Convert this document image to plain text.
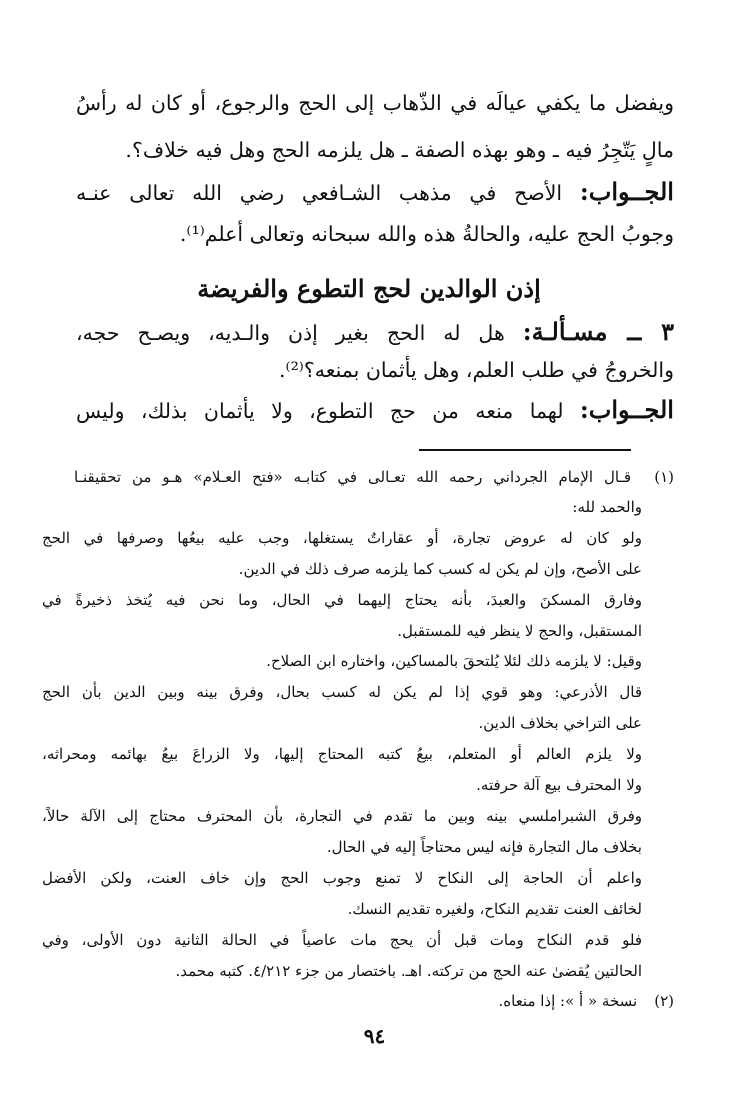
ويفضل ما يكفي عيالَه في الذّهاب إلى الحج والرجوع، أو كان له رأسُ
مالٍ يَتّجِرُ فيه ـ وهو بهذه الصفة ـ هل يلزمه الحج وهل فيه خلاف؟.
الجــواب: الأصح في مذهب الشـافعي رضي الله تعالى عنـه
وجوبُ الحج عليه، والحالةُ هذه والله سبحانه وتعالى أعلم⁽¹⁾.
إذن الوالدين لحج التطوع والفريضة
٣ ــ مسـألـة: هل له الحج بغير إذن والـديه، ويصـح حجه،
والخروجُ في طلب العلم، وهل يأثمان بمنعه؟⁽²⁾.
الجــواب: لهما منعه من حج التطوع، ولا يأثمان بذلك، وليس
(١) قـال الإمام الجرداني رحمه الله تعـالى في كتابـه «فتح العـلام» هـو من تحقيقنـا
والحمد لله:
ولو كان له عروض تجارة، أو عقاراتٌ يستغلها، وجب عليه بيعُها وصرفها في الحج
على الأصح، وإن لم يكن له كسب كما يلزمه صرف ذلك في الدين.
وفارق المسكنَ والعبدَ، بأنه يحتاج إليهما في الحال، وما نحن فيه يُتخذ ذخيرةً في
المستقبل، والحج لا ينظر فيه للمستقبل.
وقيل: لا يلزمه ذلك لئلا يُلتحقَ بالمساكين، واختاره ابن الصلاح.
قال الأذرعي: وهو قوي إذا لم يكن له كسب بحال، وفرق بينه وبين الدين بأن الحج
على التراخي بخلاف الدين.
ولا يلزم العالم أو المتعلم، بيعُ كتبه المحتاج إليها، ولا الزراعَ بيعُ بهائمه ومحراثه،
ولا المحترف بيع آلة حرفته.
وفرق الشبراملسي بينه وبين ما تقدم في التجارة، بأن المحترف محتاج إلى الآلة حالاً،
بخلاف مال التجارة فإنه ليس محتاجاً إليه في الحال.
واعلم أن الحاجة إلى النكاح لا تمنع وجوب الحج وإن خاف العنت، ولكن الأفضل
لخائف العنت تقديم النكاح، ولغيره تقديم النسك.
فلو قدم النكاح ومات قبل أن يحج مات عاصياً في الحالة الثانية دون الأولى، وفي
الحالتين يُقضىٰ عنه الحج من تركته. اهـ. باختصار من جزء ٤/٢١٢. كتبه محمد.
(٢) نسخة « أ »: إذا منعاه.
٩٤
